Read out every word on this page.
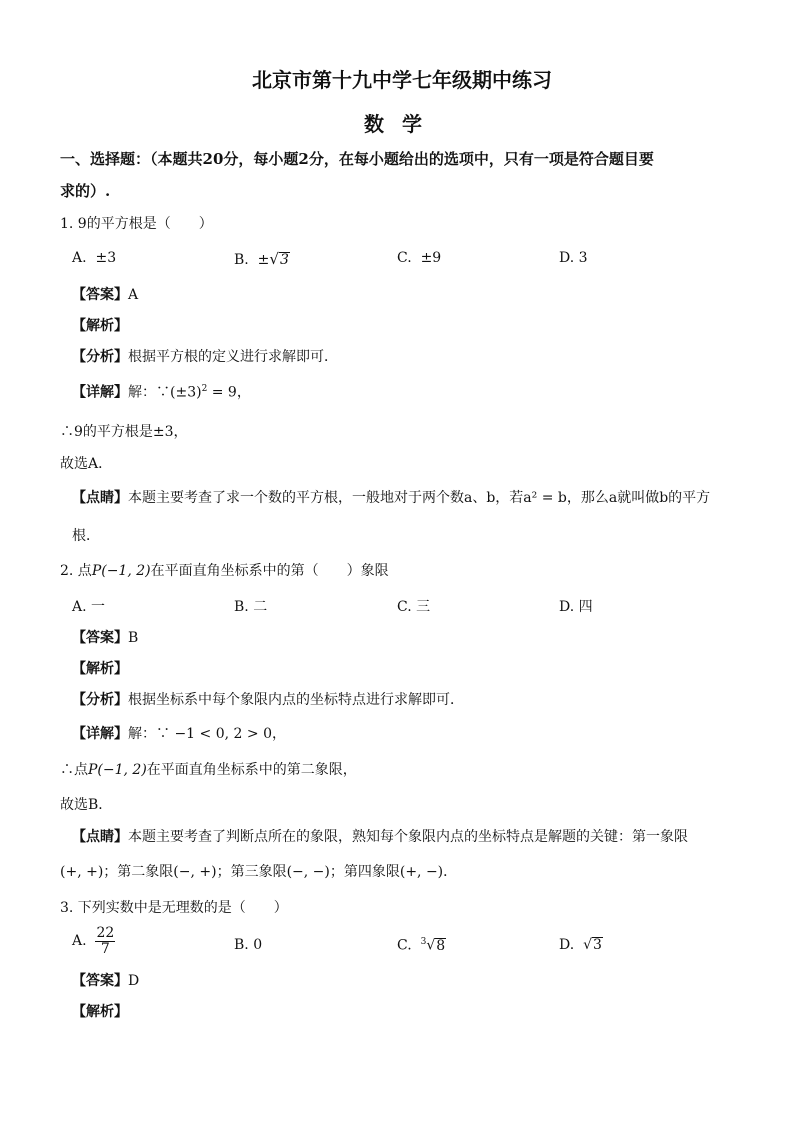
北京市第十九中学七年级期中练习
数学
一、选择题：（本题共20分，每小题2分，在每小题给出的选项中，只有一项是符合题目要
求的）.
1. 9的平方根是（　　）
A. ±3	B. ±√3	C. ±9	D. 3
【答案】A
【解析】
【分析】根据平方根的定义进行求解即可．
【详解】解：$\because(\pm 3)^2 = 9$，
∴9的平方根是±3，
故选A．
【点睛】本题主要考查了求一个数的平方根，一般地对于两个数a、b，若a² = b，那么a就叫做b的平方
根．
2. 点P(−1, 2)在平面直角坐标系中的第（　　）象限
A. 一	B. 二	C. 三	D. 四
【答案】B
【解析】
【分析】根据坐标系中每个象限内点的坐标特点进行求解即可．
【详解】解：∵ −1 < 0, 2 > 0，
∴点P(−1, 2)在平面直角坐标系中的第二象限，
故选B．
【点睛】本题主要考查了判断点所在的象限，熟知每个象限内点的坐标特点是解题的关键：第一象限
(+, +)；第二象限(−, +)；第三象限(−, −)；第四象限(+, −)．
3. 下列实数中是无理数的是（　　）
A. $\frac{22}{7}$	B. 0	C. $^3$√8	D. √3
【答案】D
【解析】
